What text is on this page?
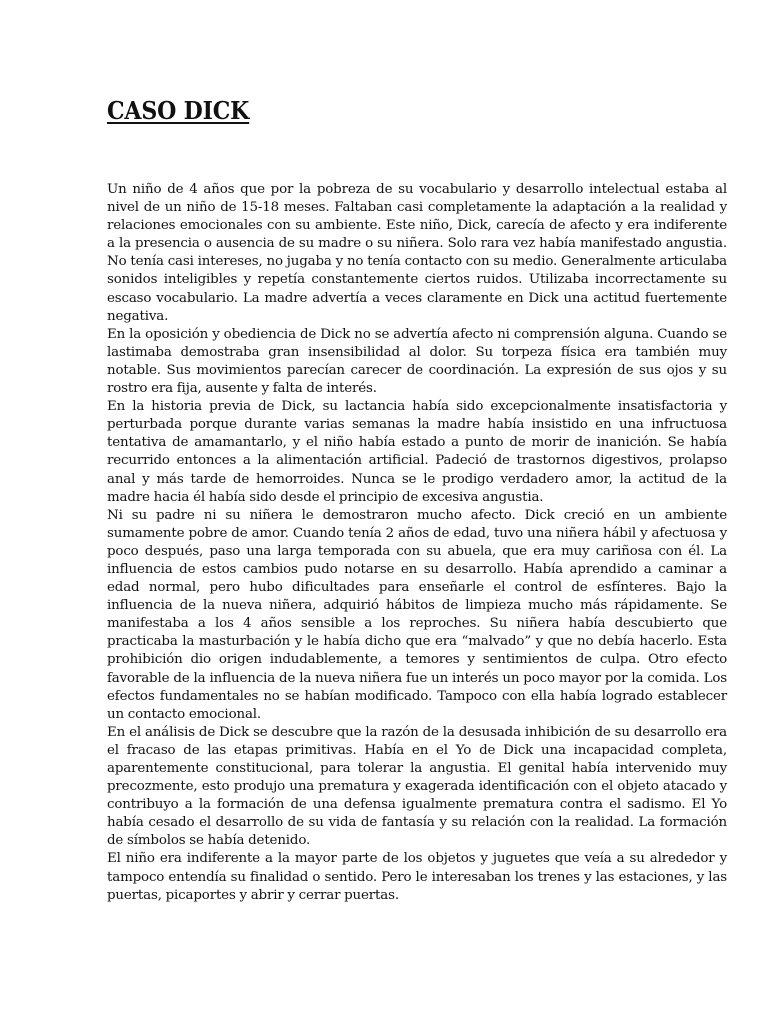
CASO DICK

Un niño de 4 años que por la pobreza de su vocabulario y desarrollo intelectual estaba al nivel de un niño de 15-18 meses. Faltaban casi completamente la adaptación a la realidad y relaciones emocionales con su ambiente. Este niño, Dick, carecía de afecto y era indiferente a la presencia o ausencia de su madre o su niñera. Solo rara vez había manifestado angustia. No tenía casi intereses, no jugaba y no tenía contacto con su medio. Generalmente articulaba sonidos inteligibles y repetía constantemente ciertos ruidos. Utilizaba incorrectamente su escaso vocabulario. La madre advertía a veces claramente en Dick una actitud fuertemente negativa.

En la oposición y obediencia de Dick no se advertía afecto ni comprensión alguna. Cuando se lastimaba demostraba gran insensibilidad al dolor. Su torpeza física era también muy notable. Sus movimientos parecían carecer de coordinación. La expresión de sus ojos y su rostro era fija, ausente y falta de interés.

En la historia previa de Dick, su lactancia había sido excepcionalmente insatisfactoria y perturbada porque durante varias semanas la madre había insistido en una infructuosa tentativa de amamantarlo, y el niño había estado a punto de morir de inanición. Se había recurrido entonces a la alimentación artificial. Padeció de trastornos digestivos, prolapso anal y más tarde de hemorroides. Nunca se le prodigo verdadero amor, la actitud de la madre hacia él había sido desde el principio de excesiva angustia.

Ni su padre ni su niñera le demostraron mucho afecto. Dick creció en un ambiente sumamente pobre de amor. Cuando tenía 2 años de edad, tuvo una niñera hábil y afectuosa y poco después, paso una larga temporada con su abuela, que era muy cariñosa con él. La influencia de estos cambios pudo notarse en su desarrollo. Había aprendido a caminar a edad normal, pero hubo dificultades para enseñarle el control de esfínteres. Bajo la influencia de la nueva niñera, adquirió hábitos de limpieza mucho más rápidamente. Se manifestaba a los 4 años sensible a los reproches. Su niñera había descubierto que practicaba la masturbación y le había dicho que era “malvado” y que no debía hacerlo. Esta prohibición dio origen indudablemente, a temores y sentimientos de culpa. Otro efecto favorable de la influencia de la nueva niñera fue un interés un poco mayor por la comida. Los efectos fundamentales no se habían modificado. Tampoco con ella había logrado establecer un contacto emocional.

En el análisis de Dick se descubre que la razón de la desusada inhibición de su desarrollo era el fracaso de las etapas primitivas. Había en el Yo de Dick una incapacidad completa, aparentemente constitucional, para tolerar la angustia. El genital había intervenido muy precozmente, esto produjo una prematura y exagerada identificación con el objeto atacado y contribuyo a la formación de una defensa igualmente prematura contra el sadismo. El Yo había cesado el desarrollo de su vida de fantasía y su relación con la realidad. La formación de símbolos se había detenido.

El niño era indiferente a la mayor parte de los objetos y juguetes que veía a su alrededor y tampoco entendía su finalidad o sentido. Pero le interesaban los trenes y las estaciones, y las puertas, picaportes y abrir y cerrar puertas.
